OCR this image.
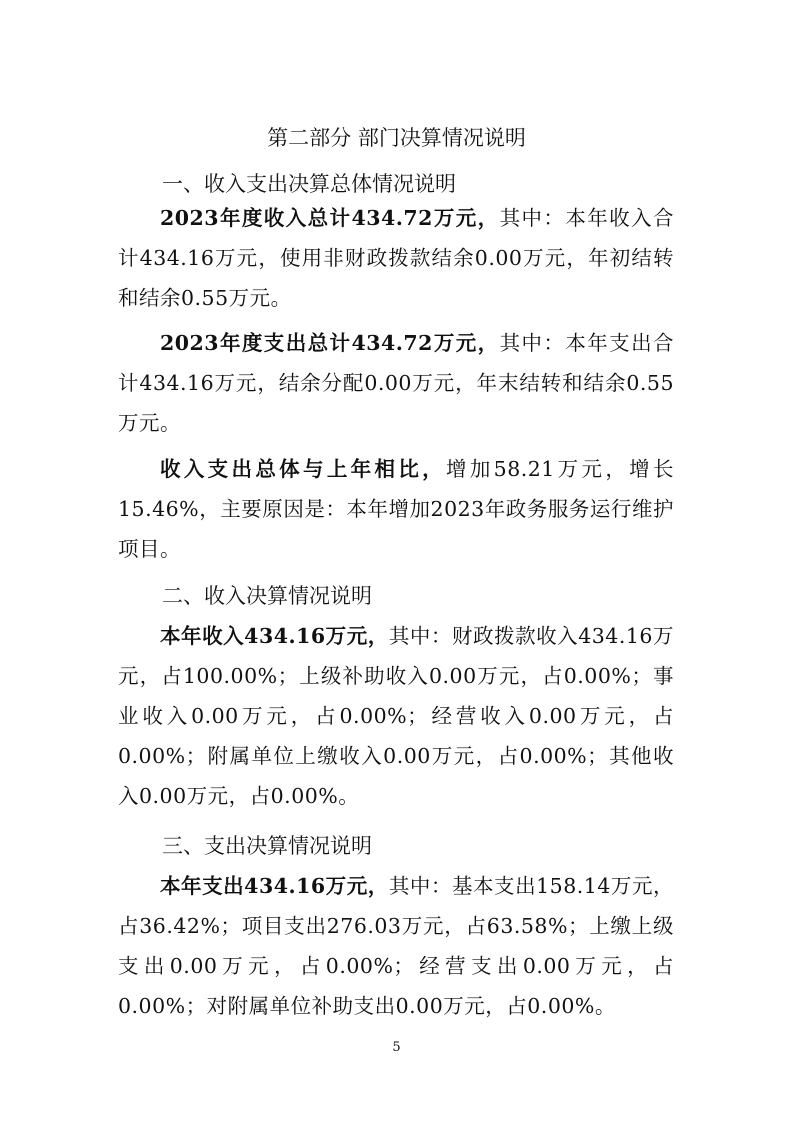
第二部分 部门决算情况说明
一、收入支出决算总体情况说明

2023年度收入总计434.72万元，其中：本年收入合计434.16万元，使用非财政拨款结余0.00万元，年初结转和结余0.55万元。

2023年度支出总计434.72万元，其中：本年支出合计434.16万元，结余分配0.00万元，年末结转和结余0.55万元。

收入支出总体与上年相比，增加58.21万元，增长15.46%，主要原因是：本年增加2023年政务服务运行维护项目。

二、收入决算情况说明

本年收入434.16万元，其中：财政拨款收入434.16万元，占100.00%；上级补助收入0.00万元，占0.00%；事业收入0.00万元，占0.00%；经营收入0.00万元，占0.00%；附属单位上缴收入0.00万元，占0.00%；其他收入0.00万元，占0.00%。

三、支出决算情况说明

本年支出434.16万元，其中：基本支出158.14万元，占36.42%；项目支出276.03万元，占63.58%；上缴上级支出0.00万元，占0.00%；经营支出0.00万元，占0.00%；对附属单位补助支出0.00万元，占0.00%。

5
